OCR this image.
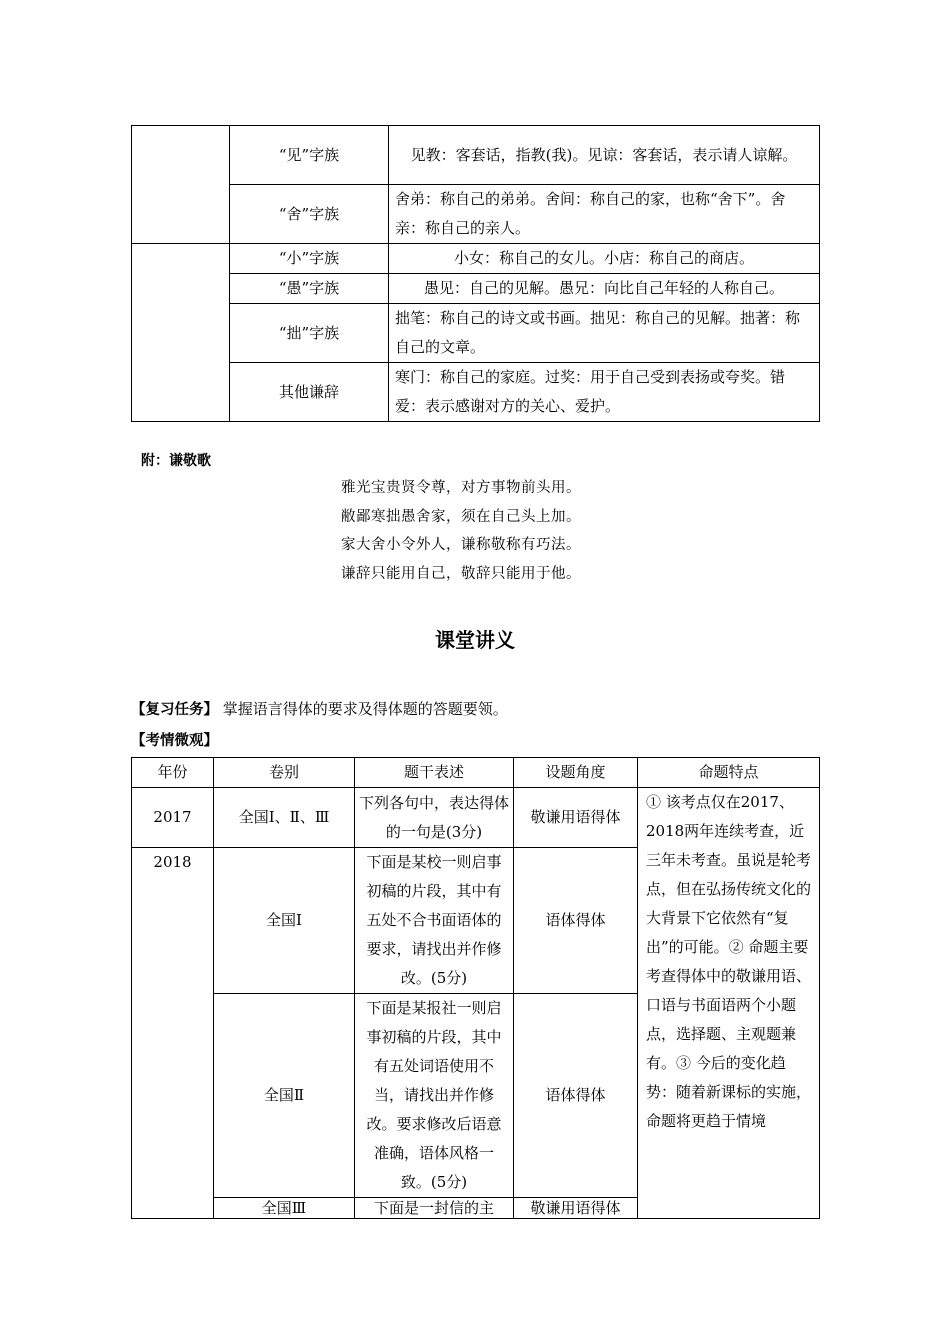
	“见”字族	见教：客套话，指教(我)。见谅：客套话，表示请人谅解。
	“舍”字族	舍弟：称自己的弟弟。舍间：称自己的家，也称“舍下”。舍亲：称自己的亲人。
	“小”字族	小女：称自己的女儿。小店：称自己的商店。
	“愚”字族	愚见：自己的见解。愚兄：向比自己年轻的人称自己。
	“拙”字族	拙笔：称自己的诗文或书画。拙见：称自己的见解。拙著：称自己的文章。
	其他谦辞	寒门：称自己的家庭。过奖：用于自己受到表扬或夸奖。错爱：表示感谢对方的关心、爱护。
附：谦敬歌
雅光宝贵贤令尊，对方事物前头用。
敝鄙寒拙愚舍家，须在自己头上加。
家大舍小令外人，谦称敬称有巧法。
谦辞只能用自己，敬辞只能用于他。
课堂讲义
【复习任务】 掌握语言得体的要求及得体题的答题要领。
【考情微观】
年份	卷别	题干表述	设题角度	命题特点
2017	全国Ⅰ、Ⅱ、Ⅲ	下列各句中，表达得体的一句是(3分)	敬谦用语得体	① 该考点仅在2017、2018两年连续考查，近三年未考查。虽说是轮考点，但在弘扬传统文化的大背景下它依然有“复出”的可能。② 命题主要考查得体中的敬谦用语、口语与书面语两个小题点，选择题、主观题兼有。③ 今后的变化趋势：随着新课标的实施，命题将更趋于情境
2018	全国Ⅰ	下面是某校一则启事初稿的片段，其中有五处不合书面语体的要求，请找出并作修改。(5分)	语体得体	
	全国Ⅱ	下面是某报社一则启事初稿的片段，其中有五处词语使用不当，请找出并作修改。要求修改后语意准确，语体风格一致。(5分)	语体得体	
	全国Ⅲ	下面是一封信的主	敬谦用语得体	
